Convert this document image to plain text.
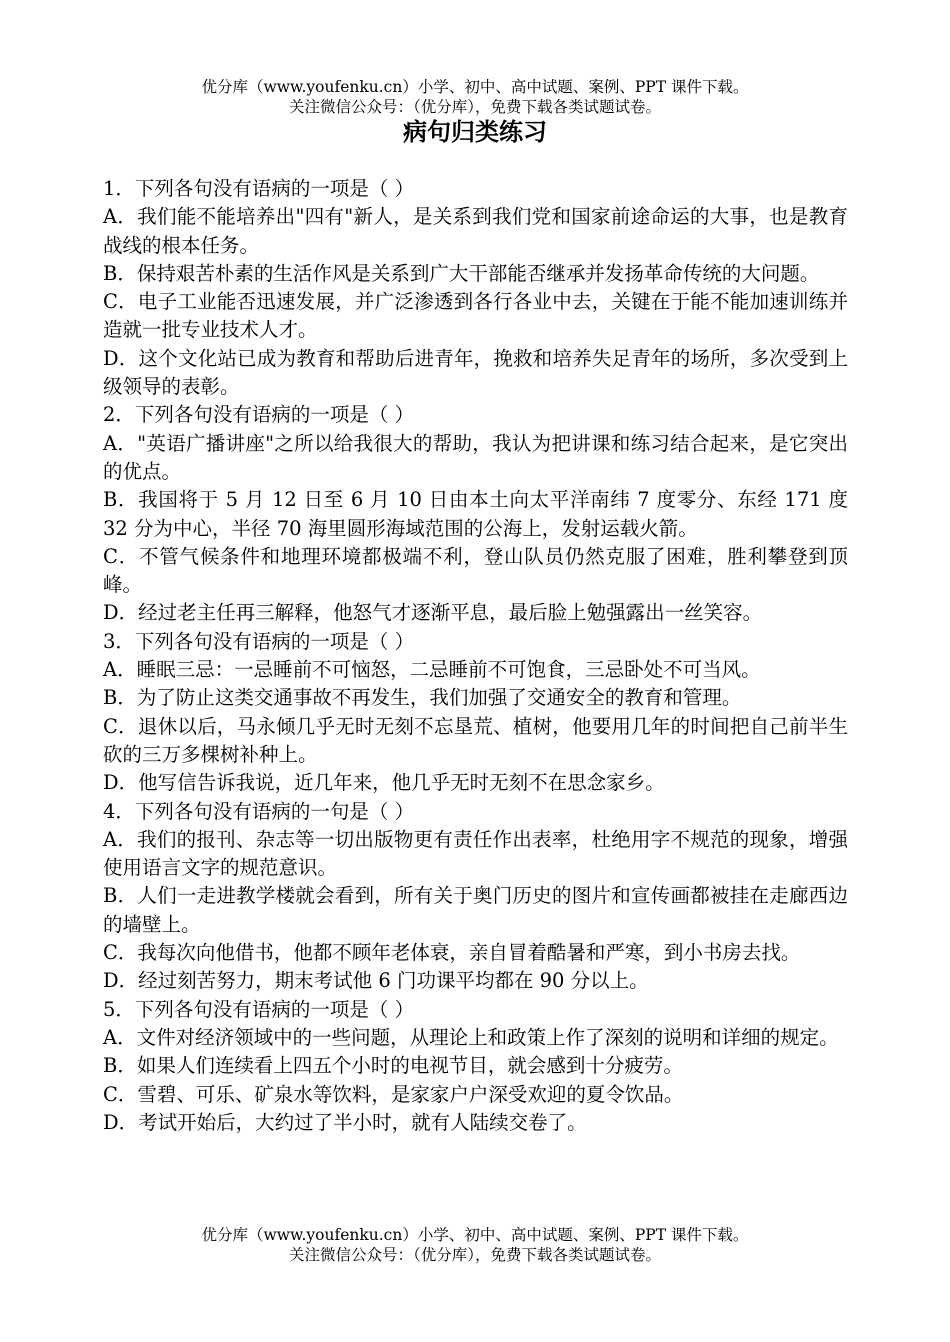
优分库（www.youfenku.cn）小学、初中、高中试题、案例、PPT 课件下载。
关注微信公众号：（优分库），免费下载各类试题试卷。
病句归类练习

1．下列各句没有语病的一项是（ ）

A．我们能不能培养出"四有"新人，是关系到我们党和国家前途命运的大事，也是教育战线的根本任务。

B．保持艰苦朴素的生活作风是关系到广大干部能否继承并发扬革命传统的大问题。

C．电子工业能否迅速发展，并广泛渗透到各行各业中去，关键在于能不能加速训练并造就一批专业技术人才。

D．这个文化站已成为教育和帮助后进青年，挽救和培养失足青年的场所，多次受到上级领导的表彰。

2．下列各句没有语病的一项是（ ）

A．"英语广播讲座"之所以给我很大的帮助，我认为把讲课和练习结合起来，是它突出的优点。

B．我国将于 5 月 12 日至 6 月 10 日由本土向太平洋南纬 7 度零分、东经 171 度 32 分为中心，半径 70 海里圆形海域范围的公海上，发射运载火箭。

C．不管气候条件和地理环境都极端不利，登山队员仍然克服了困难，胜利攀登到顶峰。

D．经过老主任再三解释，他怒气才逐渐平息，最后脸上勉强露出一丝笑容。

3．下列各句没有语病的一项是（ ）

A．睡眠三忌：一忌睡前不可恼怒，二忌睡前不可饱食，三忌卧处不可当风。

B．为了防止这类交通事故不再发生，我们加强了交通安全的教育和管理。

C．退休以后，马永倾几乎无时无刻不忘垦荒、植树，他要用几年的时间把自己前半生砍的三万多棵树补种上。

D．他写信告诉我说，近几年来，他几乎无时无刻不在思念家乡。

4．下列各句没有语病的一句是（ ）

A．我们的报刊、杂志等一切出版物更有责任作出表率，杜绝用字不规范的现象，增强使用语言文字的规范意识。

B．人们一走进教学楼就会看到，所有关于奥门历史的图片和宣传画都被挂在走廊西边的墙壁上。

C．我每次向他借书，他都不顾年老体衰，亲自冒着酷暑和严寒，到小书房去找。

D．经过刻苦努力，期末考试他 6 门功课平均都在 90 分以上。

5．下列各句没有语病的一项是（ ）

A．文件对经济领域中的一些问题，从理论上和政策上作了深刻的说明和详细的规定。

B．如果人们连续看上四五个小时的电视节目，就会感到十分疲劳。

C．雪碧、可乐、矿泉水等饮料，是家家户户深受欢迎的夏令饮品。

D．考试开始后，大约过了半小时，就有人陆续交卷了。

优分库（www.youfenku.cn）小学、初中、高中试题、案例、PPT 课件下载。
关注微信公众号：（优分库），免费下载各类试题试卷。
